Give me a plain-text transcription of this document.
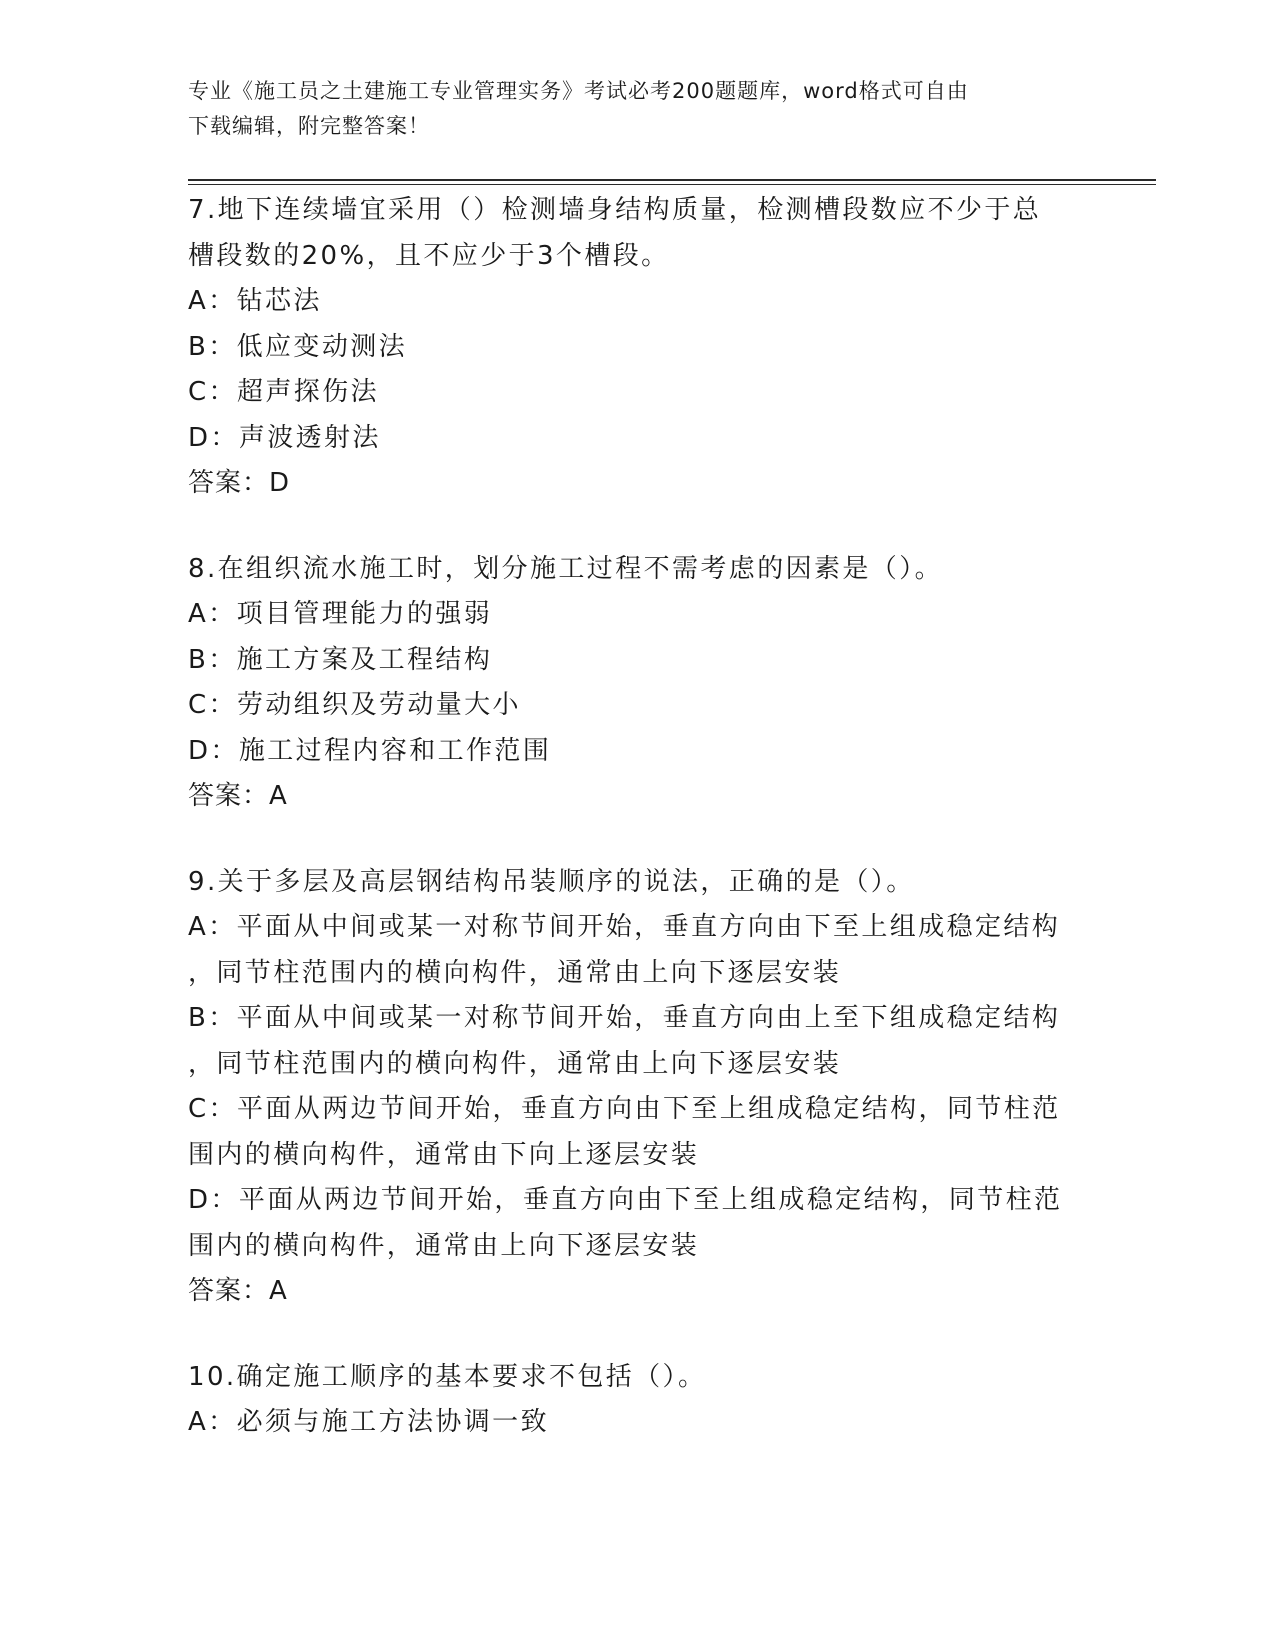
专业《施工员之土建施工专业管理实务》考试必考200题题库，word格式可自由
下载编辑，附完整答案！

7.地下连续墙宜采用（）检测墙身结构质量，检测槽段数应不少于总

槽段数的20%，且不应少于3个槽段。

A：钻芯法

B：低应变动测法

C：超声探伤法

D：声波透射法

答案：D

8.在组织流水施工时，划分施工过程不需考虑的因素是（）。

A：项目管理能力的强弱

B：施工方案及工程结构

C：劳动组织及劳动量大小

D：施工过程内容和工作范围

答案：A

9.关于多层及高层钢结构吊装顺序的说法，正确的是（）。

A：平面从中间或某一对称节间开始，垂直方向由下至上组成稳定结构

，同节柱范围内的横向构件，通常由上向下逐层安装

B：平面从中间或某一对称节间开始，垂直方向由上至下组成稳定结构

，同节柱范围内的横向构件，通常由上向下逐层安装

C：平面从两边节间开始，垂直方向由下至上组成稳定结构，同节柱范

围内的横向构件，通常由下向上逐层安装

D：平面从两边节间开始，垂直方向由下至上组成稳定结构，同节柱范

围内的横向构件，通常由上向下逐层安装

答案：A

10.确定施工顺序的基本要求不包括（）。

A：必须与施工方法协调一致
